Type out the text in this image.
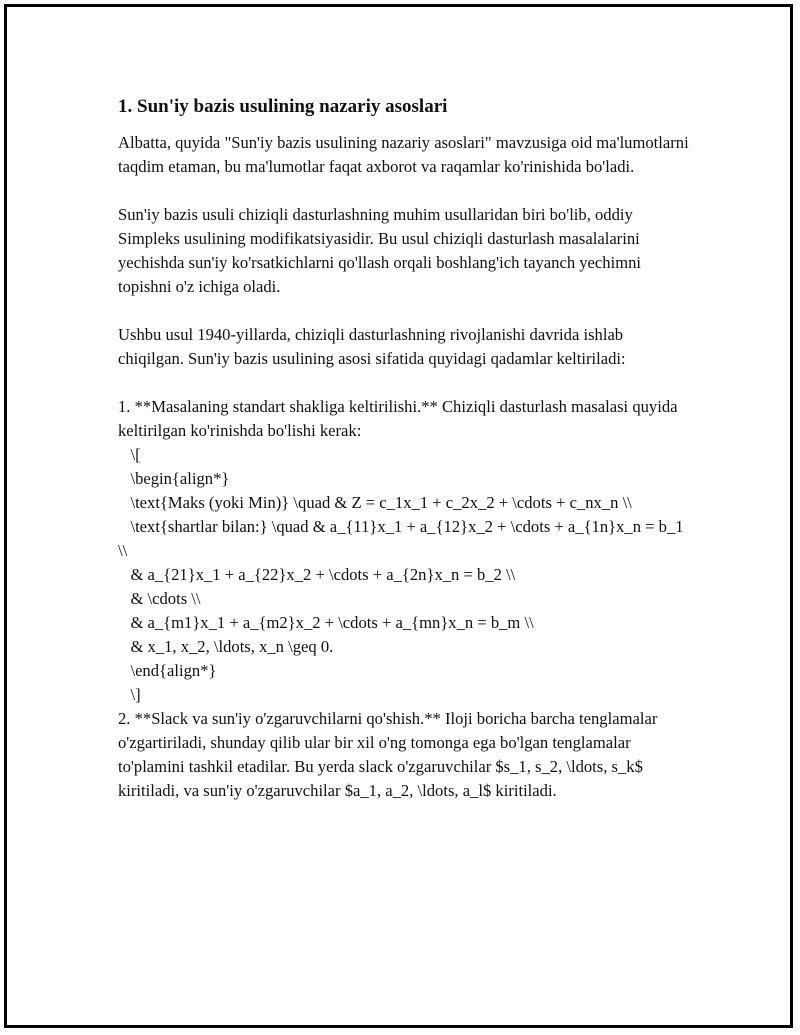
1. Sun'iy bazis usulining nazariy asoslari

Albatta, quyida "Sun'iy bazis usulining nazariy asoslari" mavzusiga oid ma'lumotlarni taqdim etaman, bu ma'lumotlar faqat axborot va raqamlar ko'rinishida bo'ladi.

Sun'iy bazis usuli chiziqli dasturlashning muhim usullaridan biri bo'lib, oddiy Simpleks usulining modifikatsiyasidir. Bu usul chiziqli dasturlash masalalarini yechishda sun'iy ko'rsatkichlarni qo'llash orqali boshlang'ich tayanch yechimni topishni o'z ichiga oladi.

Ushbu usul 1940-yillarda, chiziqli dasturlashning rivojlanishi davrida ishlab chiqilgan. Sun'iy bazis usulining asosi sifatida quyidagi qadamlar keltiriladi:

1. **Masalaning standart shakliga keltirilishi.** Chiziqli dasturlash masalasi quyida keltirilgan ko'rinishda bo'lishi kerak:

\[
\begin{align*}
\text{Maks (yoki Min)} \quad & Z = c_1x_1 + c_2x_2 + \cdots + c_nx_n \\
\text{shartlar bilan:} \quad & a_{11}x_1 + a_{12}x_2 + \cdots + a_{1n}x_n = b_1 \\
& a_{21}x_1 + a_{22}x_2 + \cdots + a_{2n}x_n = b_2 \\
& \cdots \\
& a_{m1}x_1 + a_{m2}x_2 + \cdots + a_{mn}x_n = b_m \\
& x_1, x_2, \ldots, x_n \geq 0.
\end{align*}
\]

2. **Slack va sun'iy o'zgaruvchilarni qo'shish.** Iloji boricha barcha tenglamalar o'zgartiriladi, shunday qilib ular bir xil o'ng tomonga ega bo'lgan tenglamalar to'plamini tashkil etadilar. Bu yerda slack o'zgaruvchilar $s_1, s_2, \ldots, s_k$ kiritiladi, va sun'iy o'zgaruvchilar $a_1, a_2, \ldots, a_l$ kiritiladi.
